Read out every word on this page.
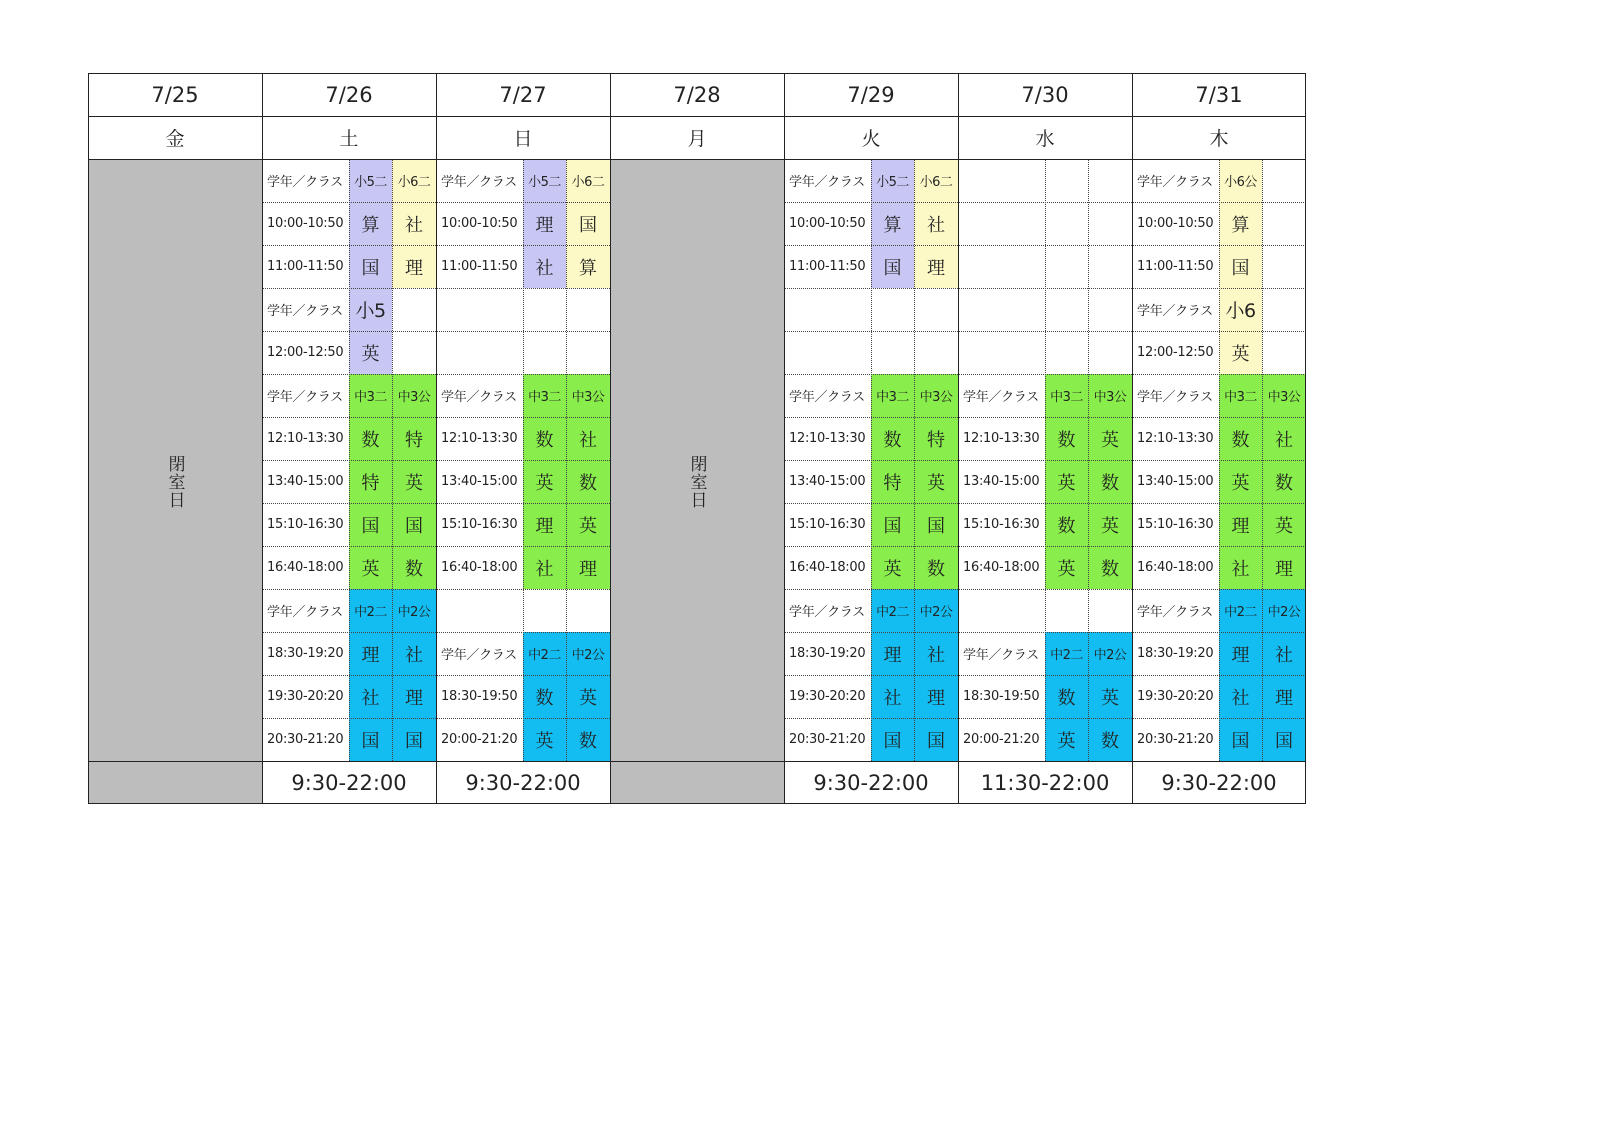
7/25
金
閉室日
7/26
土
学年／クラス 小5二 小6二
10:00-10:50	算	社
11:00-11:50	国	理
学年／クラス 小5
12:00-12:50	英
学年／クラス 中3二 中3公
12:10-13:30	数	特
13:40-15:00	特	英
15:10-16:30	国	国
16:40-18:00	英	数
学年／クラス 中2二 中2公
18:30-19:20	理	社
19:30-20:20	社	理
20:30-21:20	国	国
9:30-22:00
7/27
日
学年／クラス 小5二 小6二
10:00-10:50	理	国
11:00-11:50	社	算
学年／クラス 中3二 中3公
12:10-13:30	数	社
13:40-15:00	英	数
15:10-16:30	理	英
16:40-18:00	社	理
学年／クラス 中2二 中2公
18:30-19:50	数	英
20:00-21:20	英	数
9:30-22:00
7/28
月
閉室日
7/29
火
学年／クラス 小5二 小6二
10:00-10:50	算	社
11:00-11:50	国	理
学年／クラス 中3二 中3公
12:10-13:30	数	特
13:40-15:00	特	英
15:10-16:30	国	国
16:40-18:00	英	数
学年／クラス 中2二 中2公
18:30-19:20	理	社
19:30-20:20	社	理
20:30-21:20	国	国
9:30-22:00
7/30
水
学年／クラス 中3二 中3公
12:10-13:30	数	英
13:40-15:00	英	数
15:10-16:30	数	英
16:40-18:00	英	数
学年／クラス 中2二 中2公
18:30-19:50	数	英
20:00-21:20	英	数
11:30-22:00
7/31
木
学年／クラス 小6公
10:00-10:50	算
11:00-11:50	国
学年／クラス 小6
12:00-12:50	英
学年／クラス 中3二 中3公
12:10-13:30	数	社
13:40-15:00	英	数
15:10-16:30	理	英
16:40-18:00	社	理
学年／クラス 中2二 中2公
18:30-19:20	理	社
19:30-20:20	社	理
20:30-21:20	国	国
9:30-22:00
